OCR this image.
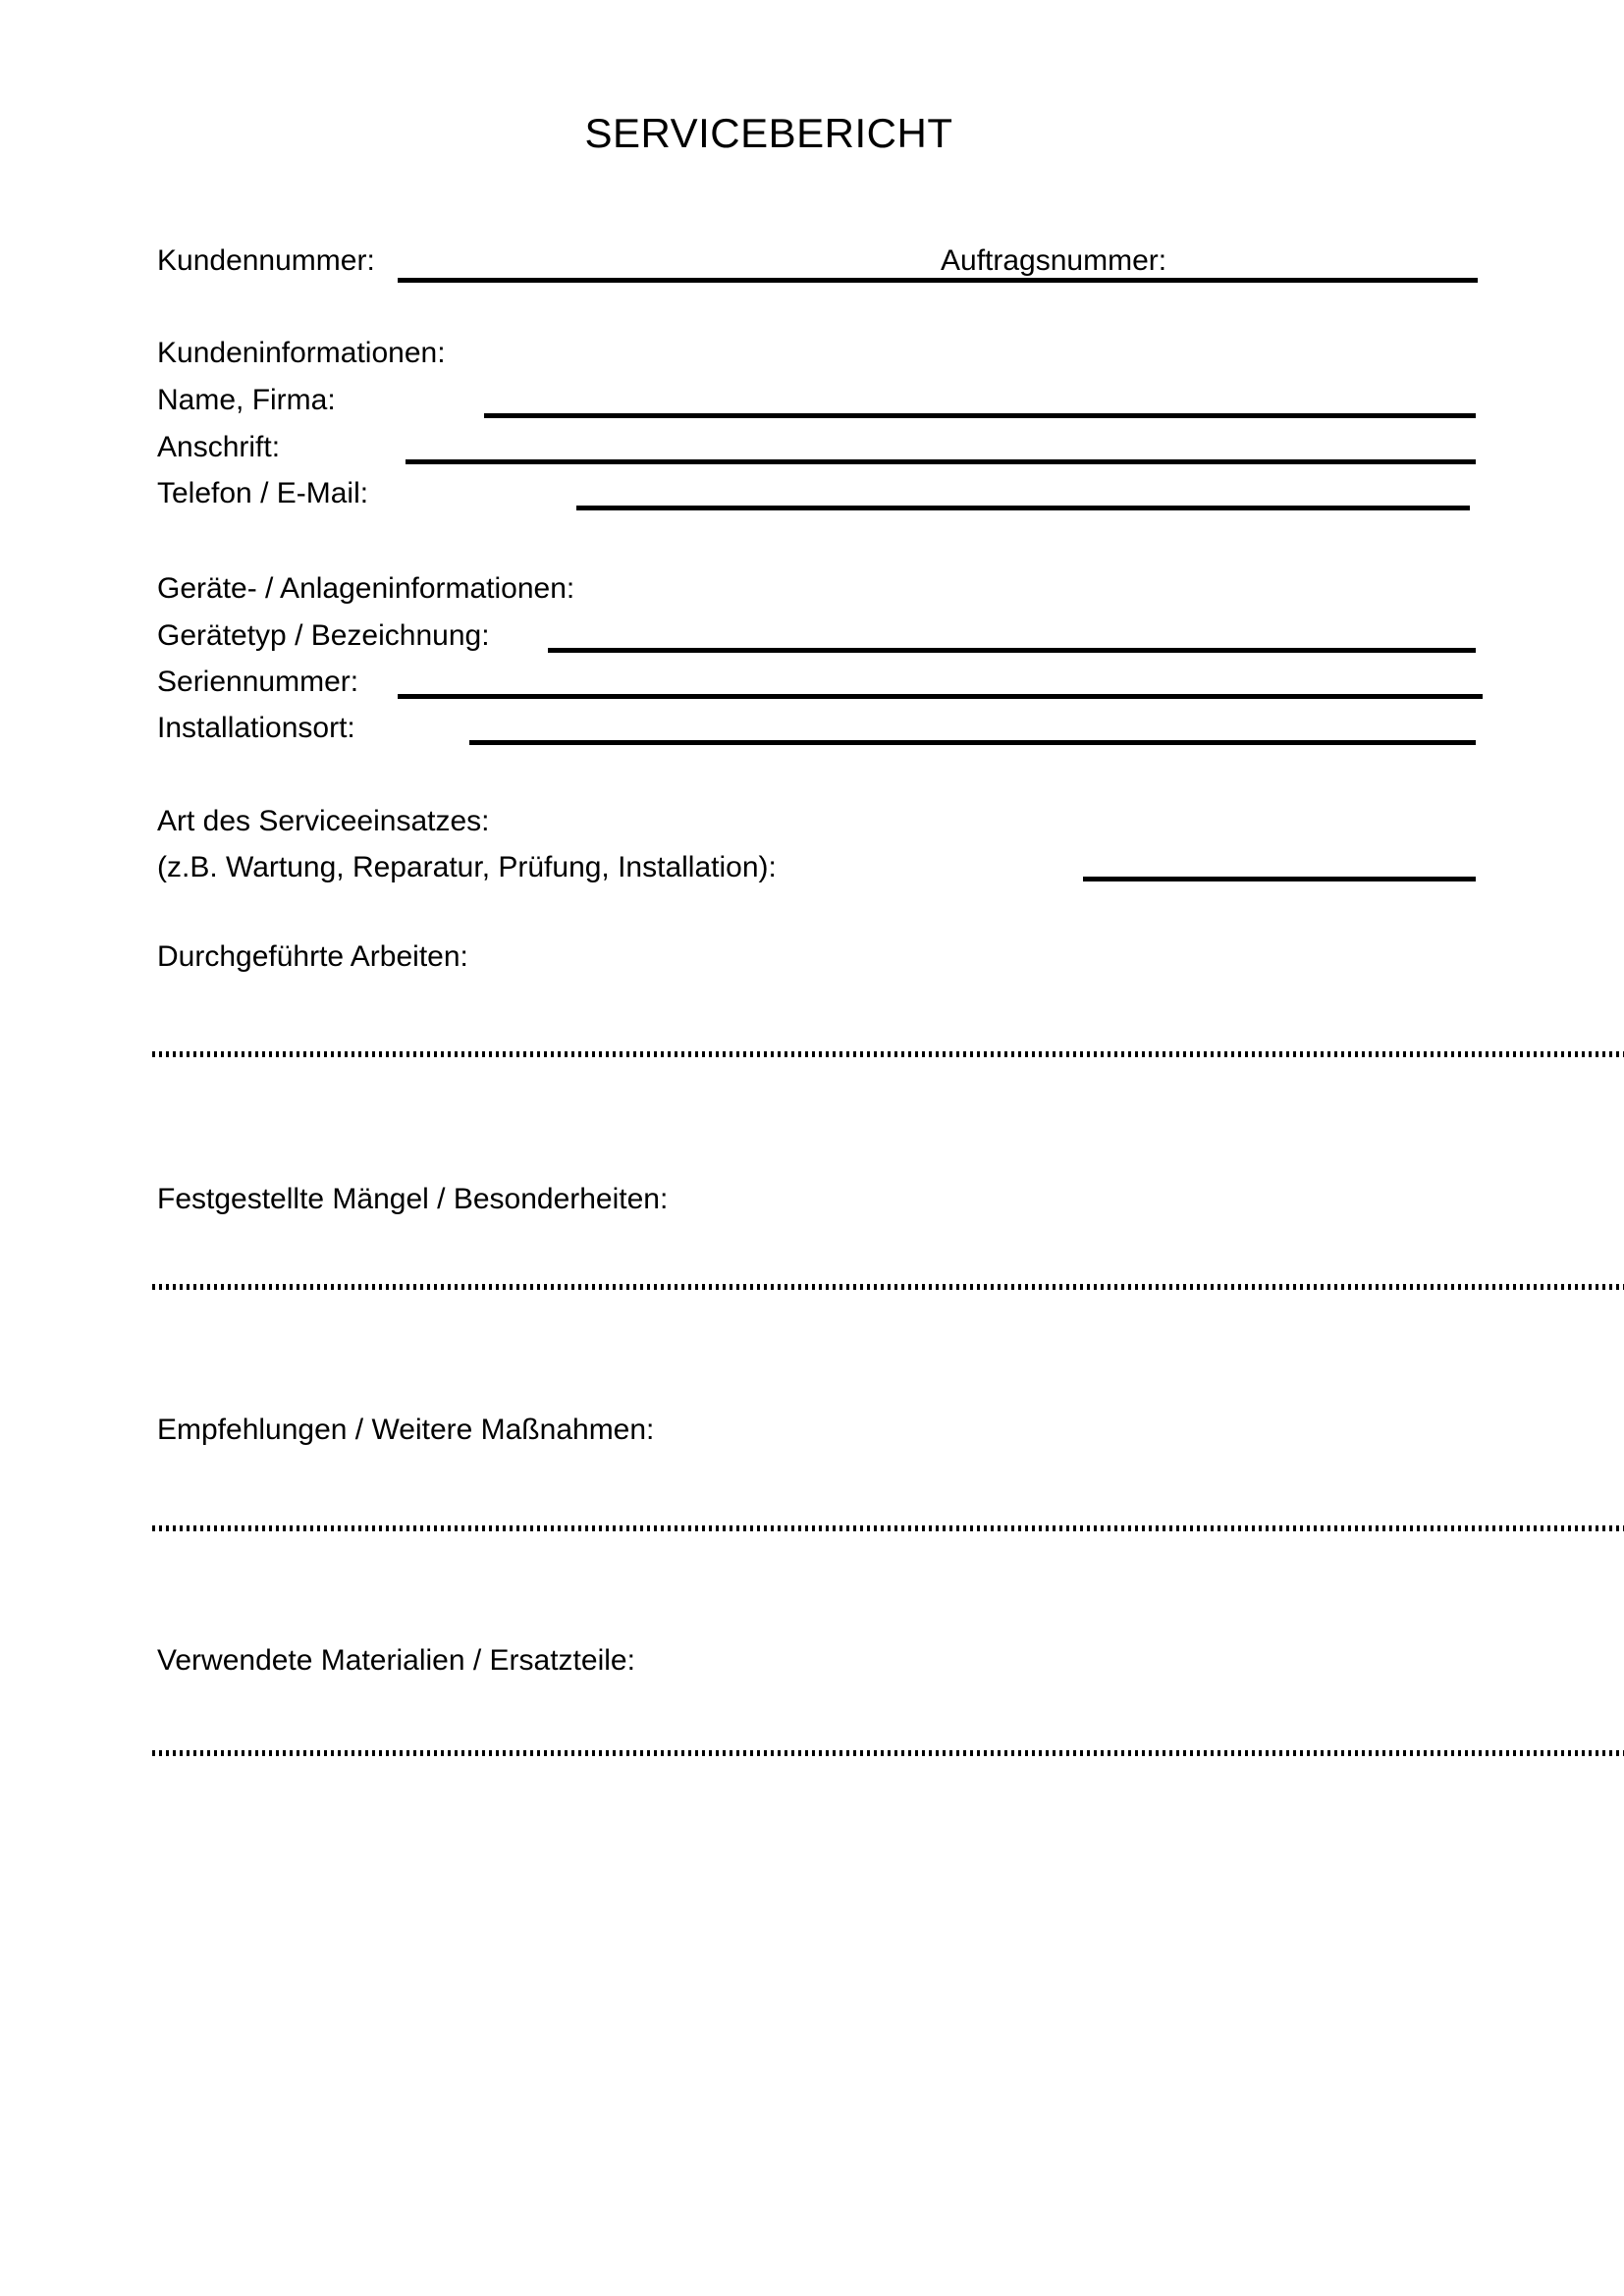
SERVICEBERICHT
Kundennummer:	Auftragsnummer:
Kundeninformationen:
Name, Firma:
Anschrift:
Telefon / E-Mail:
Geräte- / Anlageninformationen:
Gerätetyp / Bezeichnung:
Seriennummer:
Installationsort:
Art des Serviceeinsatzes:
(z.B. Wartung, Reparatur, Prüfung, Installation):
Durchgeführte Arbeiten:
Festgestellte Mängel / Besonderheiten:
Empfehlungen / Weitere Maßnahmen:
Verwendete Materialien / Ersatzteile:
